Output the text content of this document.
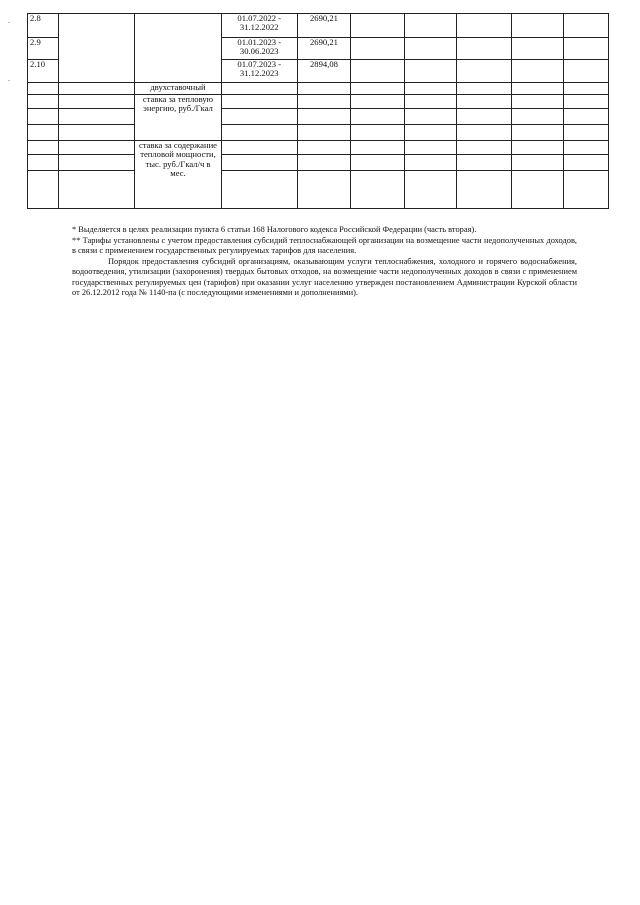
2.8			01.07.2022 -
31.12.2022	2690,21					
2.9			01.01.2023 -
30.06.2023	2690,21					
2.10			01.07.2023 -
31.12.2023	2894,08					
		двухставочный							
		ставка за тепловую энергию, руб./Гкал							

		ставка за содержание тепловой мощности, тыс. руб./Гкал/ч в мес.							

* Выделяется в целях реализации пункта 6 статьи 168 Налогового кодекса Российской Федерации (часть вторая).

** Тарифы установлены с учетом предоставления субсидий теплоснабжающей организации на возмещение части недополученных доходов, в связи с применением государственных регулируемых тарифов для населения.

Порядок предоставления субсидий организациям, оказывающим услуги теплоснабжения, холодного и горячего водоснабжения, водоотведения, утилизации (захоронения) твердых бытовых отходов, на возмещение части недополученных доходов в связи с применением государственных регулируемых цен (тарифов) при оказании услуг населению утвержден постановлением Администрации Курской области от 26.12.2012 года № 1140-па (с последующими изменениями и дополнениями).
